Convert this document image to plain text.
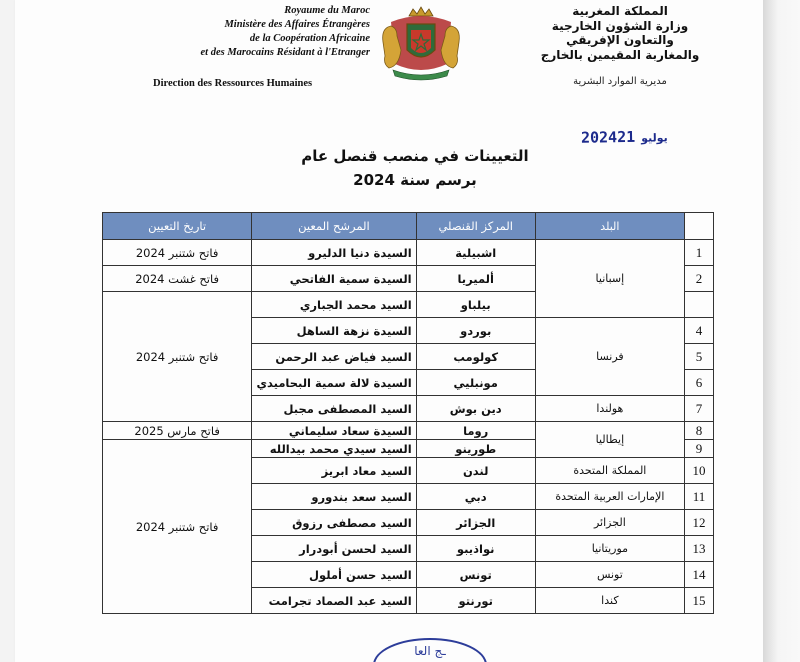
Royaume du Maroc
Ministère des Affaires Étrangères
de la Coopération Africaine
et des Marocains Résidant à l'Etranger
Direction des Ressources Humaines
المملكة المغربية
وزارة الشؤون الخارجية
والتعاون الإفريقي
والمغاربة المقيمين بالخارج
مديرية الموارد البشرية
2024 يوليو21
التعيينات في منصب قنصل عام
برسم سنة 2024
	البلد	المركز القنصلي	المرشح المعين	تاريخ التعيين
1	إسبانيا	اشبيلية	السيدة دنيا الدليرو	فاتح شتنبر 2024
2		ألميريا	السيدة سمية الفاتحي	فاتح غشت 2024
		بيلباو	السيد محمد الجباري	فاتح شتنبر 2024
4	فرنسا	بوردو	السيدة نزهة الساهل	
5		كولومب	السيد فياض عبد الرحمن	
6		مونبليي	السيدة لالة سمية البحاميدي	
7	هولندا	دين بوش	السيد المصطفى مجبل	
8	إيطاليا	روما	السيدة سعاد سليماني	فاتح مارس 2025
9		طورينو	السيد سيدي محمد بيدالله	فاتح شتنبر 2024
10	المملكة المتحدة	لندن	السيد معاد ابريز	
11	الإمارات العربية المتحدة	دبي	السيد سعد بندورو	
12	الجزائر	الجزائر	السيد مصطفى رزوق	
13	موريتانيا	نواذيبو	السيد لحسن أبودرار	
14	تونس	تونس	السيد حسن أملول	
15	كندا	تورنتو	السيد عبد الصماد تجرامت	
ـج العا
